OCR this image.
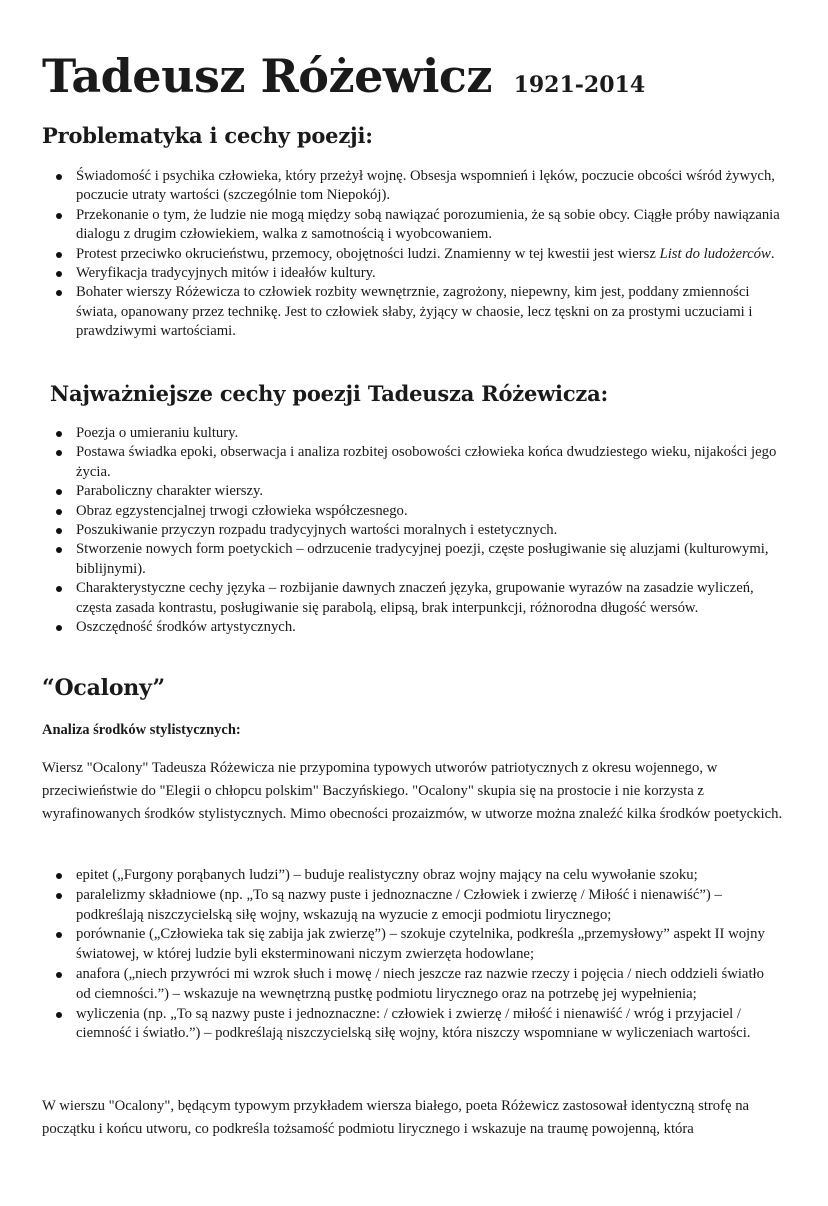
Tadeusz Różewicz 1921-2014
Problematyka i cechy poezji:
Świadomość i psychika człowieka, który przeżył wojnę. Obsesja wspomnień i lęków, poczucie obcości wśród żywych, poczucie utraty wartości (szczególnie tom Niepokój).
Przekonanie o tym, że ludzie nie mogą między sobą nawiązać porozumienia, że są sobie obcy. Ciągłe próby nawiązania dialogu z drugim człowiekiem, walka z samotnością i wyobcowaniem.
Protest przeciwko okrucieństwu, przemocy, obojętności ludzi. Znamienny w tej kwestii jest wiersz List do ludożerców.
Weryfikacja tradycyjnych mitów i ideałów kultury.
Bohater wierszy Różewicza to człowiek rozbity wewnętrznie, zagrożony, niepewny, kim jest, poddany zmienności świata, opanowany przez technikę. Jest to człowiek słaby, żyjący w chaosie, lecz tęskni on za prostymi uczuciami i prawdziwymi wartościami.
Najważniejsze cechy poezji Tadeusza Różewicza:
Poezja o umieraniu kultury.
Postawa świadka epoki, obserwacja i analiza rozbitej osobowości człowieka końca dwudziestego wieku, nijakości jego życia.
Paraboliczny charakter wierszy.
Obraz egzystencjalnej trwogi człowieka współczesnego.
Poszukiwanie przyczyn rozpadu tradycyjnych wartości moralnych i estetycznych.
Stworzenie nowych form poetyckich – odrzucenie tradycyjnej poezji, częste posługiwanie się aluzjami (kulturowymi, biblijnymi).
Charakterystyczne cechy języka – rozbijanie dawnych znaczeń języka, grupowanie wyrazów na zasadzie wyliczeń, częsta zasada kontrastu, posługiwanie się parabolą, elipsą, brak interpunkcji, różnorodna długość wersów.
Oszczędność środków artystycznych.
“Ocalony”
Analiza środków stylistycznych:

Wiersz "Ocalony" Tadeusza Różewicza nie przypomina typowych utworów patriotycznych z okresu wojennego, w przeciwieństwie do "Elegii o chłopcu polskim" Baczyńskiego. "Ocalony" skupia się na prostocie i nie korzysta z wyrafinowanych środków stylistycznych. Mimo obecności prozaizmów, w utworze można znaleźć kilka środków poetyckich.

epitet („Furgony porąbanych ludzi”) – buduje realistyczny obraz wojny mający na celu wywołanie szoku;
paralelizmy składniowe (np. „To są nazwy puste i jednoznaczne / Człowiek i zwierzę / Miłość i nienawiść”) – podkreślają niszczycielską siłę wojny, wskazują na wyzucie z emocji podmiotu lirycznego;
porównanie („Człowieka tak się zabija jak zwierzę”) – szokuje czytelnika, podkreśla „przemysłowy” aspekt II wojny światowej, w której ludzie byli eksterminowani niczym zwierzęta hodowlane;
anafora („niech przywróci mi wzrok słuch i mowę / niech jeszcze raz nazwie rzeczy i pojęcia / niech oddzieli światło od ciemności.”) – wskazuje na wewnętrzną pustkę podmiotu lirycznego oraz na potrzebę jej wypełnienia;
wyliczenia (np. „To są nazwy puste i jednoznaczne: / człowiek i zwierzę / miłość i nienawiść / wróg i przyjaciel / ciemność i światło.”) – podkreślają niszczycielską siłę wojny, która niszczy wspomniane w wyliczeniach wartości.

W wierszu "Ocalony", będącym typowym przykładem wiersza białego, poeta Różewicz zastosował identyczną strofę na początku i końcu utworu, co podkreśla tożsamość podmiotu lirycznego i wskazuje na traumę powojenną, która
